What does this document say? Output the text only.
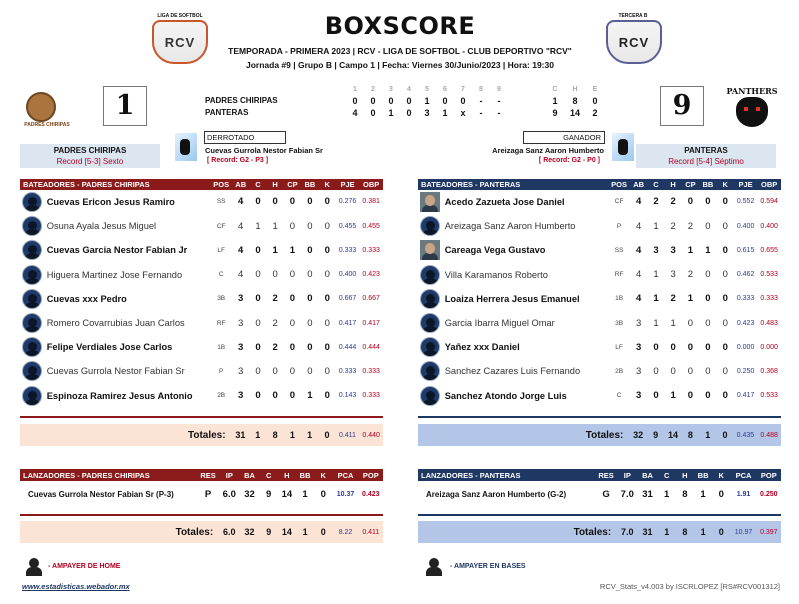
LIGA DE SOFTBOL
RCV
TERCERA B
RCV
BOXSCORE
TEMPORADA - PRIMERA 2023 | RCV - LIGA DE SOFTBOL - CLUB DEPORTIVO "RCV"
Jornada #9 | Grupo B | Campo 1 | Fecha: Viernes 30/Junio/2023 | Hora: 19:30
PADRES CHIRIPAS
PANTHERS
1	9
1	2	3	4	5	6	7	8	9	C	H	E
PADRES CHIRIPAS	0 0 0 0 1 0 0	-	-	1	8	0
PANTERAS	4 0 1 0 3 1 x	-	-	9	14	2
DERROTADO
Cuevas Gurrola Nestor Fabian Sr
[ Record: G2 - P3 ]
GANADOR
Areizaga Sanz Aaron Humberto
[ Record: G2 - P0 ]
PADRES CHIRIPAS
Record [5-3] Sexto
PANTERAS
Record [5-4] Séptimo
BATEADORES - PADRES CHIRIPAS		POS	AB	C	H	CP	BB	K	PJE	OBP

	Cuevas Ericon Jesus Ramiro	SS	4	0	0	0	0	0	0.276	0.381

	Osuna Ayala Jesus Miguel	CF	4	1	1	0	0	0	0.455	0.455

	Cuevas Garcia Nestor Fabian Jr	LF	4	0	1	1	0	0	0.333	0.333

	Higuera Martinez Jose Fernando	C	4	0	0	0	0	0	0.400	0.423

	Cuevas xxx Pedro	3B	3	0	2	0	0	0	0.667	0.667

	Romero Covarrubias Juan Carlos	RF	3	0	2	0	0	0	0.417	0.417

	Felipe Verdiales Jose Carlos	1B	3	0	2	0	0	0	0.444	0.444

	Cuevas Gurrola Nestor Fabian Sr	P	3	0	0	0	0	0	0.333	0.333

	Espinoza Ramirez Jesus Antonio	2B	3	0	0	0	1	0	0.143	0.333
BATEADORES - PANTERAS		POS	AB	C	H	CP	BB	K	PJE	OBP

	Acedo Zazueta Jose Daniel	CF	4	2	2	0	0	0	0.552	0.594

	Areizaga Sanz Aaron Humberto	P	4	1	2	2	0	0	0.400	0.400

	Careaga Vega Gustavo	SS	4	3	3	1	1	0	0.615	0.655

	Villa Karamanos Roberto	RF	4	1	3	2	0	0	0.462	0.533

	Loaiza Herrera Jesus Emanuel	1B	4	1	2	1	0	0	0.333	0.333

	Garcia Ibarra Miguel Omar	3B	3	1	1	0	0	0	0.423	0.483

	Yañez xxx Daniel	LF	3	0	0	0	0	0	0.000	0.000

	Sanchez Cazares Luis Fernando	2B	3	0	0	0	0	0	0.250	0.368

	Sanchez Atondo Jorge Luis	C	3	0	1	0	0	0	0.417	0.533
Totales:	31	1	8	1	1	0	0.411	0.440	Totales:	32	9	14	8	1	0	0.435	0.488
LANZADORES - PADRES CHIRIPAS	RES	IP	BA	C	H	BB	K	PCA	POP
Cuevas Gurrola Nestor Fabian Sr (P-3)	P	6.0	32	9	14	1	0	10.37	0.423
LANZADORES - PANTERAS	RES	IP	BA	C	H	BB	K	PCA	POP
Areizaga Sanz Aaron Humberto (G-2)	G	7.0	31	1	8	1	0	1.91	0.250
Totales:	6.0	32	9	14	1	0	8.22	0.411	Totales:	7.0	31	1	8	1	0	10.97	0.397
- AMPAYER DE HOME	- AMPAYER EN BASES
www.estadisticas.webador.mx	RCV_Stats_v4.003 by ISCRLOPEZ [RS#RCV001312]
